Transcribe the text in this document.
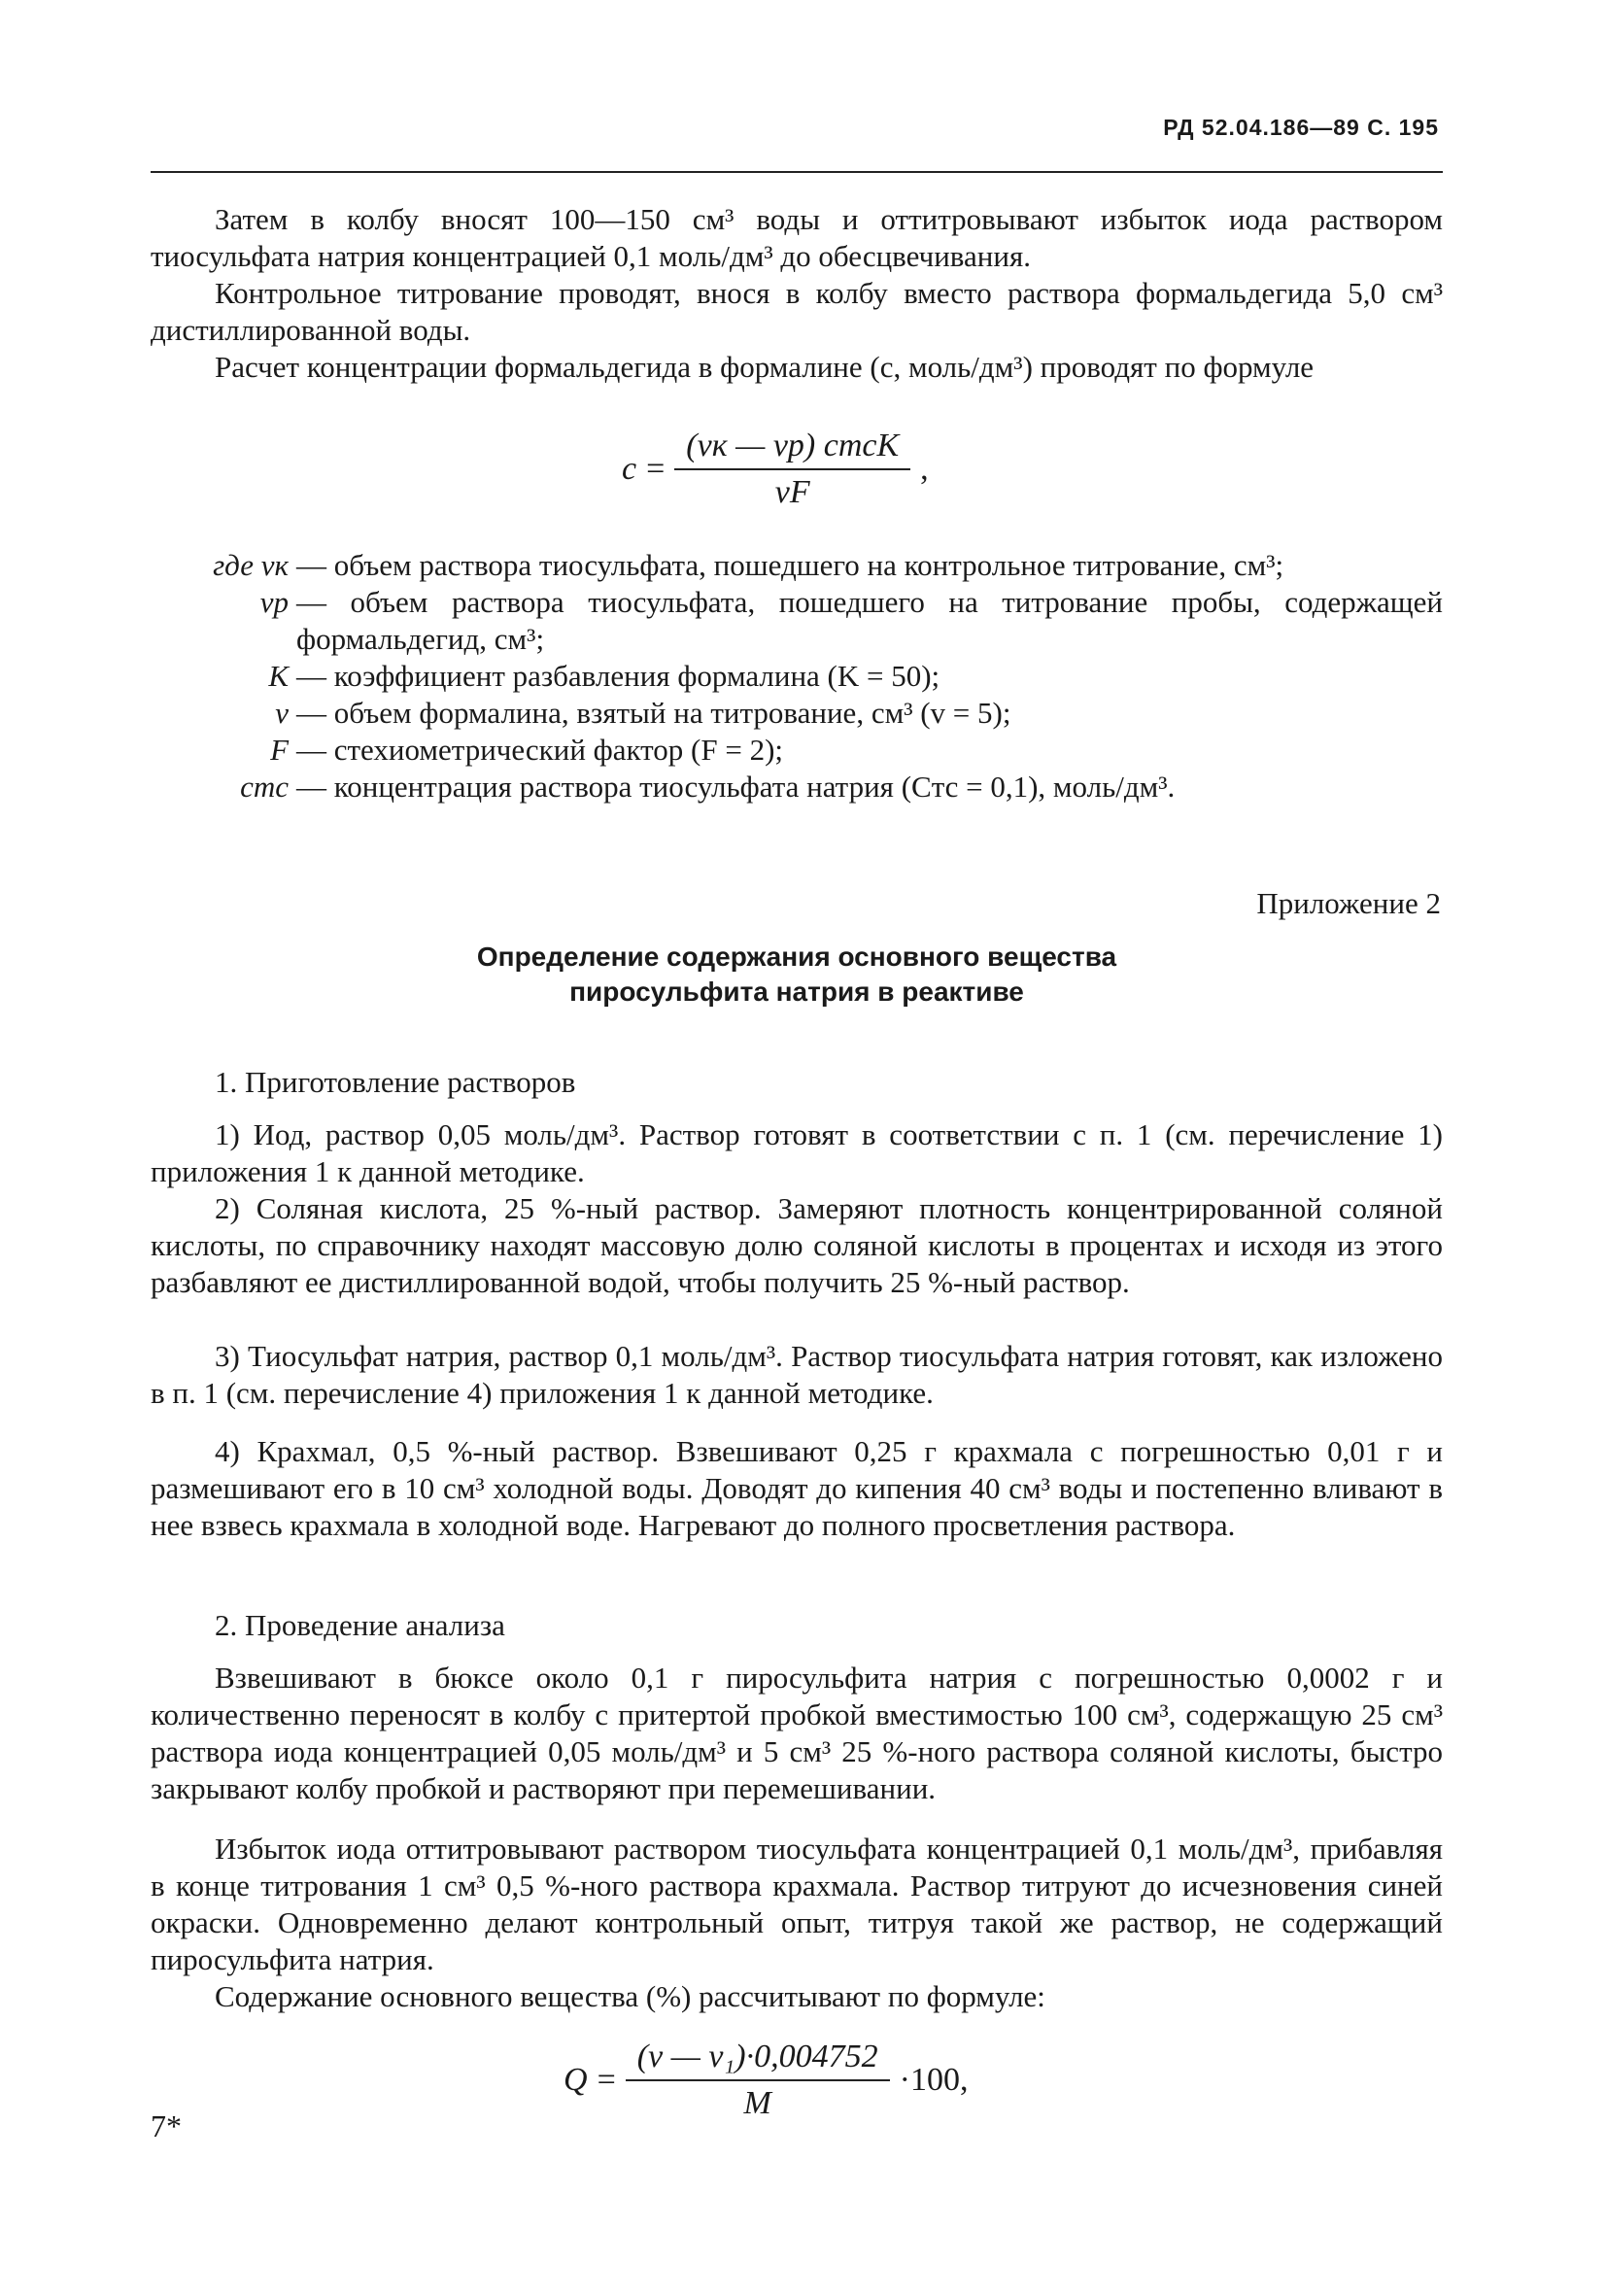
РД 52.04.186—89 С. 195

Затем в колбу вносят 100—150 см³ воды и оттитровывают избыток иода раствором тиосульфата натрия концентрацией 0,1 моль/дм³ до обесцвечивания.

Контрольное титрование проводят, внося в колбу вместо раствора формальдегида 5,0 см³ дистиллированной воды.

Расчет концентрации формальдегида в формалине (c, моль/дм³) проводят по формуле

$c = \frac{\text{(vк — vр) cтсK}}{vF}$ ,
где vк — объем раствора тиосульфата, пошедшего на контрольное титрование, см³;
vр — объем раствора тиосульфата, пошедшего на титрование пробы, содержащей формальдегид, см³;
K — коэффициент разбавления формалина (K = 50);
v — объем формалина, взятый на титрование, см³ (v = 5);
F — стехиометрический фактор (F = 2);
cтс — концентрация раствора тиосульфата натрия (Cтс = 0,1), моль/дм³.
Приложение 2
Определение содержания основного вещества
пиросульфита натрия в реактиве
1. Приготовление растворов

1) Иод, раствор 0,05 моль/дм³. Раствор готовят в соответствии с п. 1 (см. перечисление 1) приложения 1 к данной методике.

2) Соляная кислота, 25 %-ный раствор. Замеряют плотность концентрированной соляной кислоты, по справочнику находят массовую долю соляной кислоты в процентах и исходя из этого разбавляют ее дистиллированной водой, чтобы получить 25 %-ный раствор.

3) Тиосульфат натрия, раствор 0,1 моль/дм³. Раствор тиосульфата натрия готовят, как изложено в п. 1 (см. перечисление 4) приложения 1 к данной методике.

4) Крахмал, 0,5 %-ный раствор. Взвешивают 0,25 г крахмала с погрешностью 0,01 г и размешивают его в 10 см³ холодной воды. Доводят до кипения 40 см³ воды и постепенно вливают в нее взвесь крахмала в холодной воде. Нагревают до полного просветления раствора.

2. Проведение анализа

Взвешивают в бюксе около 0,1 г пиросульфита натрия с погрешностью 0,0002 г и количественно переносят в колбу с притертой пробкой вместимостью 100 см³, содержащую 25 см³ раствора иода концентрацией 0,05 моль/дм³ и 5 см³ 25 %-ного раствора соляной кислоты, быстро закрывают колбу пробкой и растворяют при перемешивании.

Избыток иода оттитровывают раствором тиосульфата концентрацией 0,1 моль/дм³, прибавляя в конце титрования 1 см³ 0,5 %-ного раствора крахмала. Раствор титруют до исчезновения синей окраски. Одновременно делают контрольный опыт, титруя такой же раствор, не содержащий пиросульфита натрия.

Содержание основного вещества (%) рассчитывают по формуле:

$Q = \frac{\text{(v — v₁)·0,004752}}{M} \cdot 100$,
7*
